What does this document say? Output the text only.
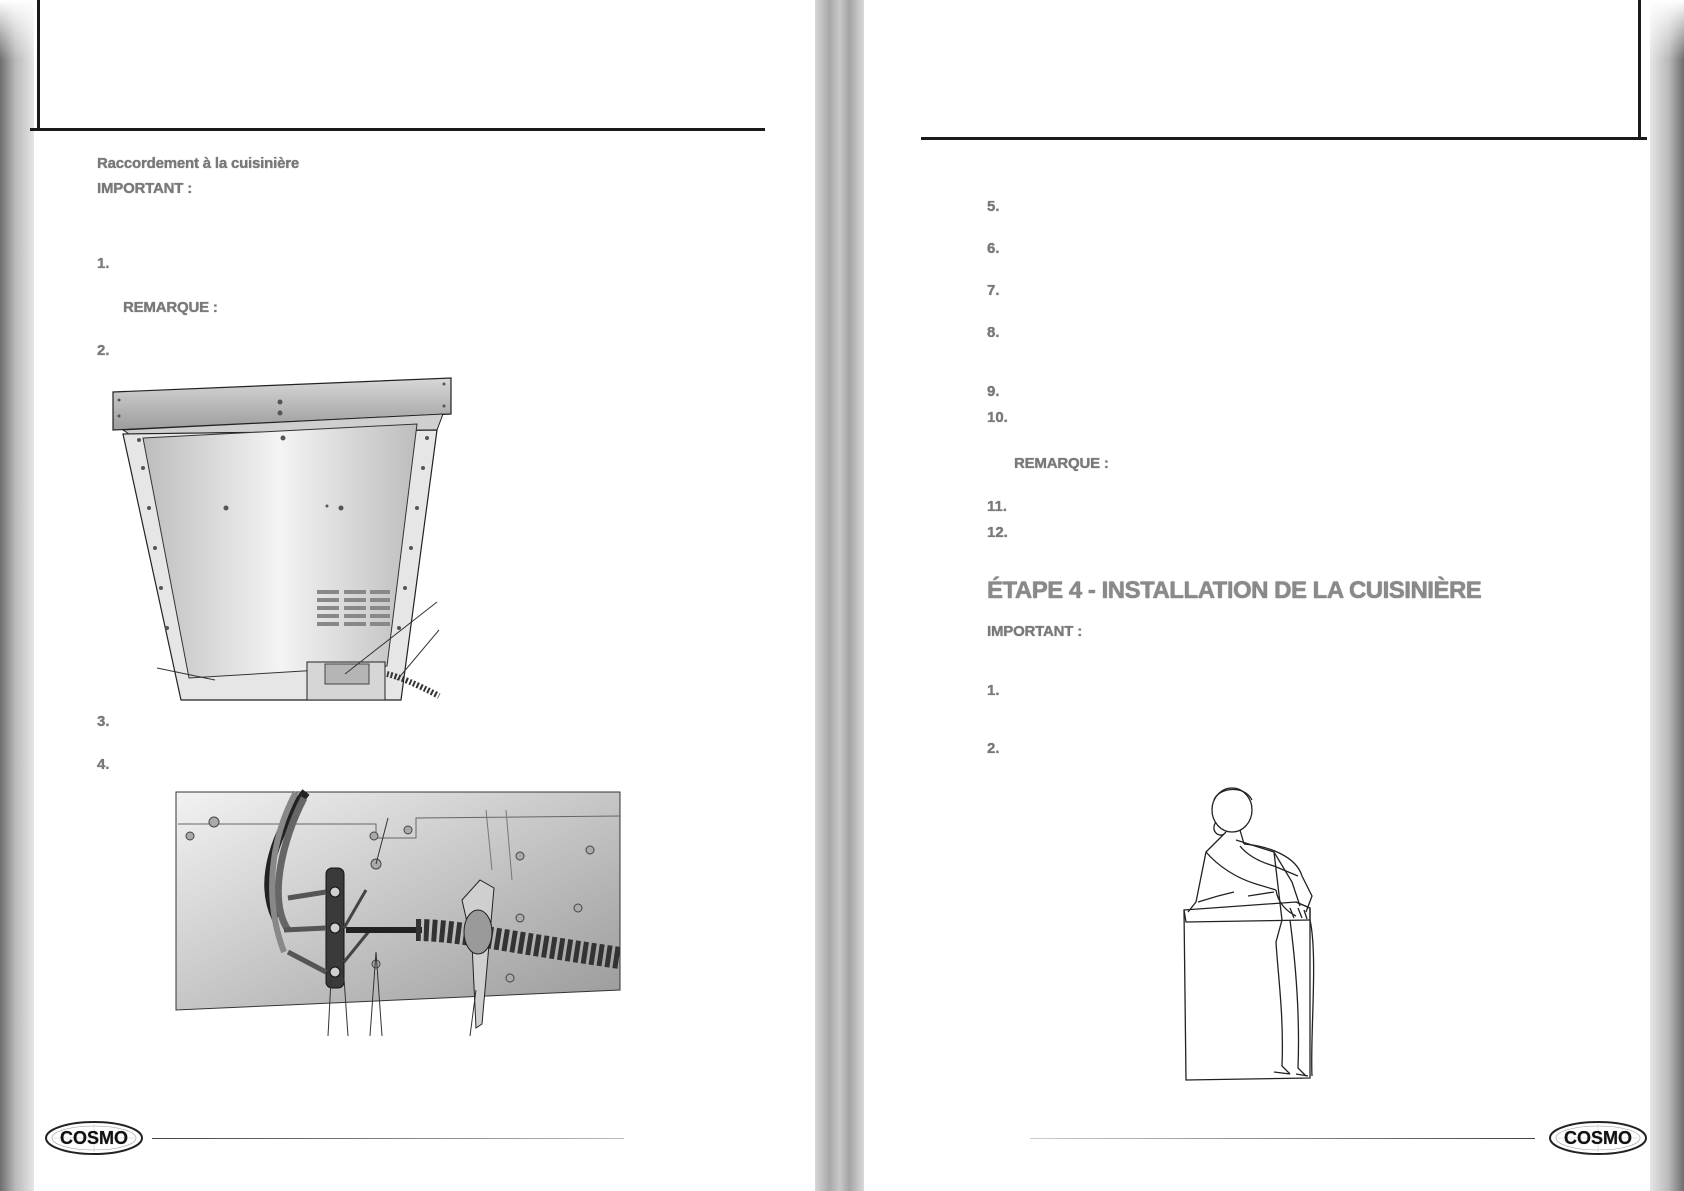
Raccordement à la cuisinière
IMPORTANT :
1.
REMARQUE :
2.
3.
4.
5.
6.
7.
8.
9.
10.
REMARQUE :
11.
12.
ÉTAPE 4 - INSTALLATION DE LA CUISINIÈRE
IMPORTANT :
1.
2.
COSMO	COSMO
